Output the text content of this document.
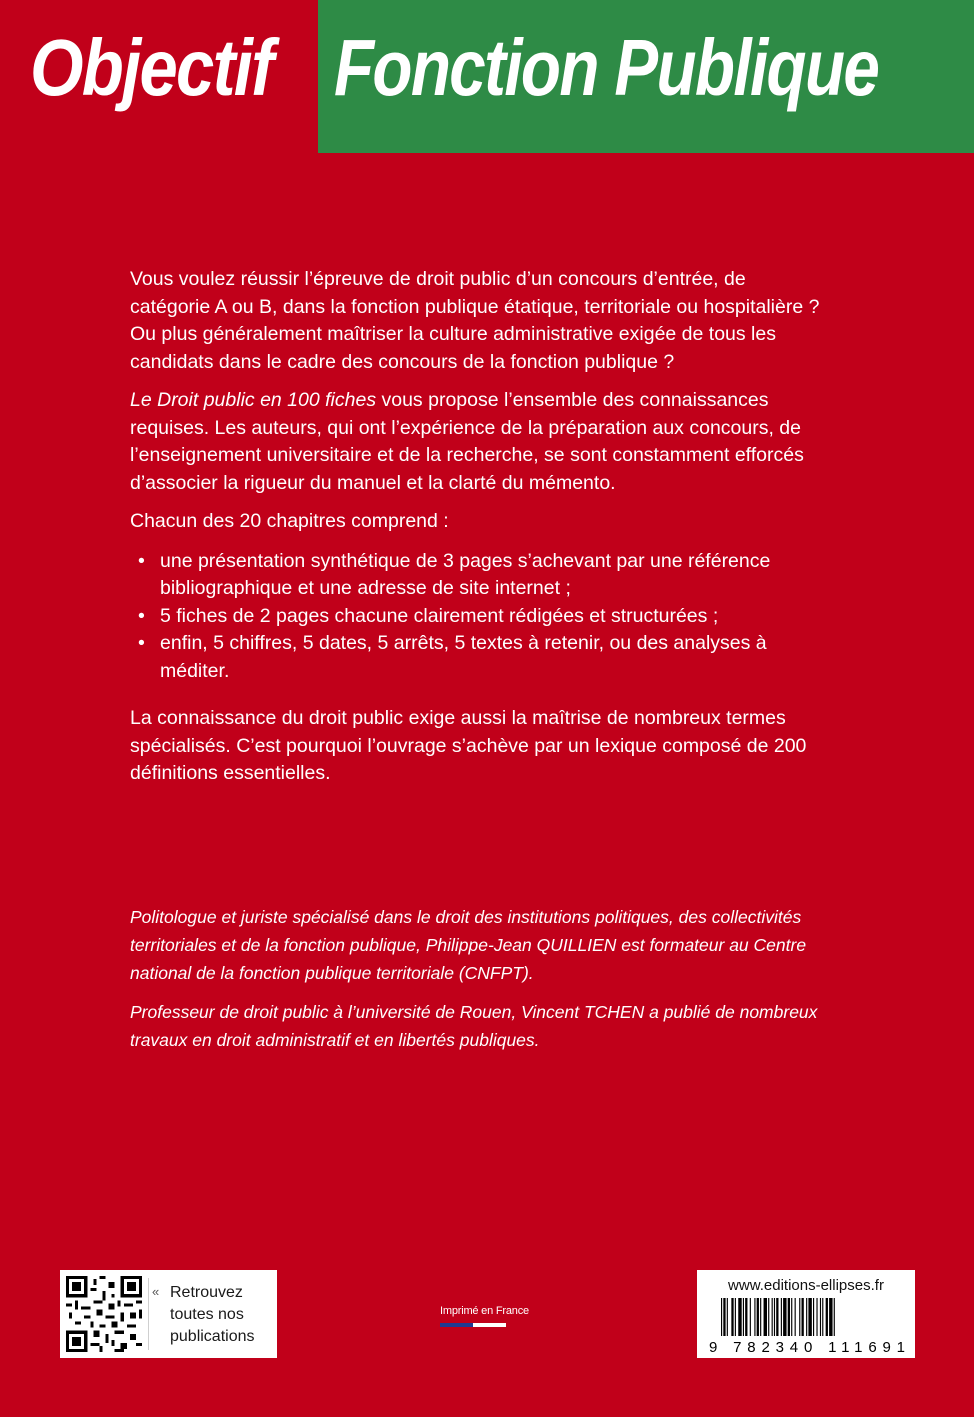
Objectif Fonction Publique

Vous voulez réussir l’épreuve de droit public d’un concours d’entrée, de catégorie A ou B, dans la fonction publique étatique, territoriale ou hospitalière ? Ou plus généralement maîtriser la culture administrative exigée de tous les candidats dans le cadre des concours de la fonction publique ?

Le Droit public en 100 fiches vous propose l’ensemble des connaissances requises. Les auteurs, qui ont l’expérience de la préparation aux concours, de l’enseignement universitaire et de la recherche, se sont constamment efforcés d’associer la rigueur du manuel et la clarté du mémento.

Chacun des 20 chapitres comprend :

• une présentation synthétique de 3 pages s’achevant par une référence bibliographique et une adresse de site internet ;
• 5 fiches de 2 pages chacune clairement rédigées et structurées ;
• enfin, 5 chiffres, 5 dates, 5 arrêts, 5 textes à retenir, ou des analyses à méditer.

La connaissance du droit public exige aussi la maîtrise de nombreux termes spécialisés. C’est pourquoi l’ouvrage s’achève par un lexique composé de 200 définitions essentielles.

Politologue et juriste spécialisé dans le droit des institutions politiques, des collectivités territoriales et de la fonction publique, Philippe-Jean QUILLIEN est formateur au Centre national de la fonction publique territoriale (CNFPT).

Professeur de droit public à l’université de Rouen, Vincent TCHEN a publié de nombreux travaux en droit administratif et en libertés publiques.

« Retrouvez toutes nos publications
Imprimé en France
www.editions-ellipses.fr
9 782340 111691
